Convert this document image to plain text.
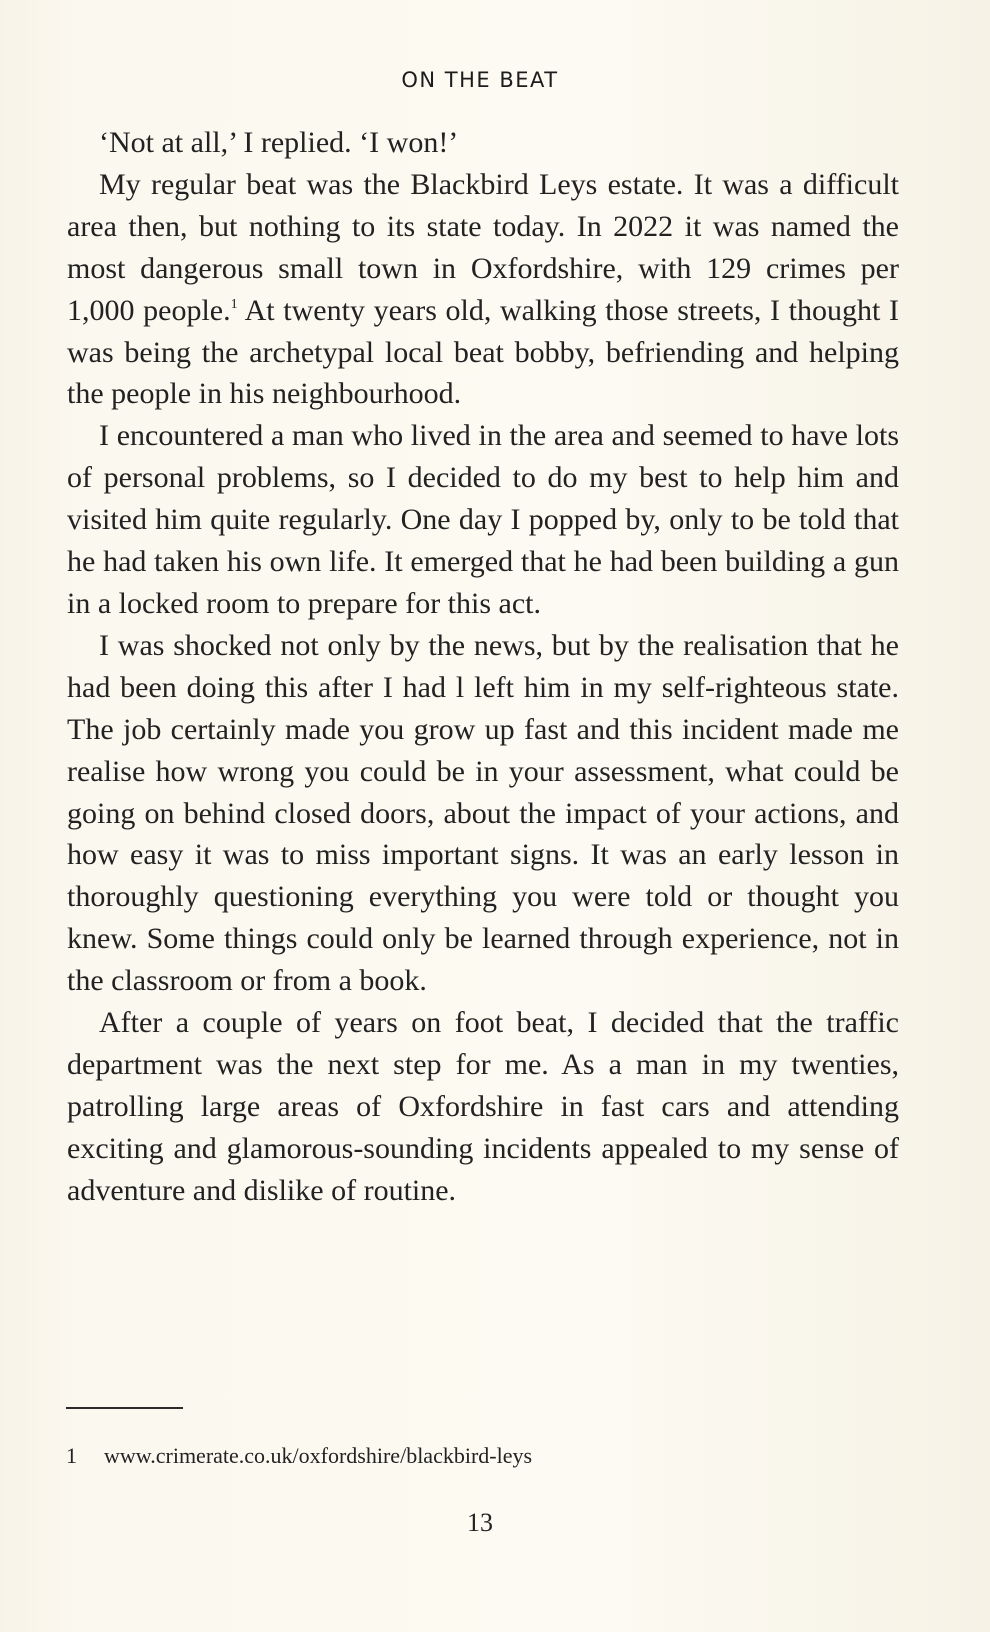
ON THE BEAT

‘Not at all,’ I replied. ‘I won!’

My regular beat was the Blackbird Leys estate. It was a difficult area then, but nothing to its state today. In 2022 it was named the most dangerous small town in Oxfordshire, with 129 crimes per 1,000 people.$^1$ At twenty years old, walking those streets, I thought I was being the archetypal local beat bobby, befriending and helping the people in his neighbourhood.

I encountered a man who lived in the area and seemed to have lots of personal problems, so I decided to do my best to help him and visited him quite regularly. One day I popped by, only to be told that he had taken his own life. It emerged that he had been building a gun in a locked room to prepare for this act.

I was shocked not only by the news, but by the realisation that he had been doing this after I had l left him in my self-righteous state. The job certainly made you grow up fast and this incident made me realise how wrong you could be in your assessment, what could be going on behind closed doors, about the impact of your actions, and how easy it was to miss important signs. It was an early lesson in thoroughly questioning everything you were told or thought you knew. Some things could only be learned through experience, not in the classroom or from a book.

After a couple of years on foot beat, I decided that the traffic department was the next step for me. As a man in my twenties, patrolling large areas of Oxfordshire in fast cars and attending exciting and glamorous-sounding incidents appealed to my sense of adventure and dislike of routine.

1 www.crimerate.co.uk/oxfordshire/blackbird-leys
13
